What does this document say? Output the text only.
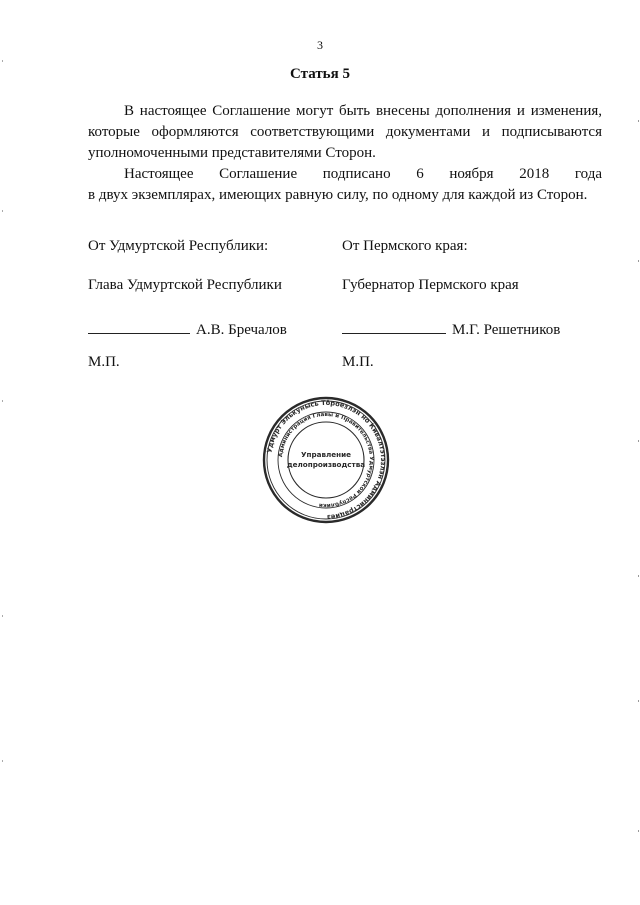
3
Статья 5

В настоящее Соглашение могут быть внесены дополнения и изменения, которые оформляются соответствующими документами и подписываются уполномоченными представителями Сторон.

Настоящее Соглашение подписано 6 ноября 2018 года

в двух экземплярах, имеющих равную силу, по одному для каждой из Сторон.

От Удмуртской Республики:
Глава Удмуртской Республики
А.В. Бречалов
М.П.
От Пермского края:
Губернатор Пермского края
М.Г. Решетников
М.П.
Удмурт Элькунысь Тöроезлэн но Кивалтэтэзлэн Администрациез
Администрация Главы и Правительства Удмуртской Республики
Управление
делопроизводства
